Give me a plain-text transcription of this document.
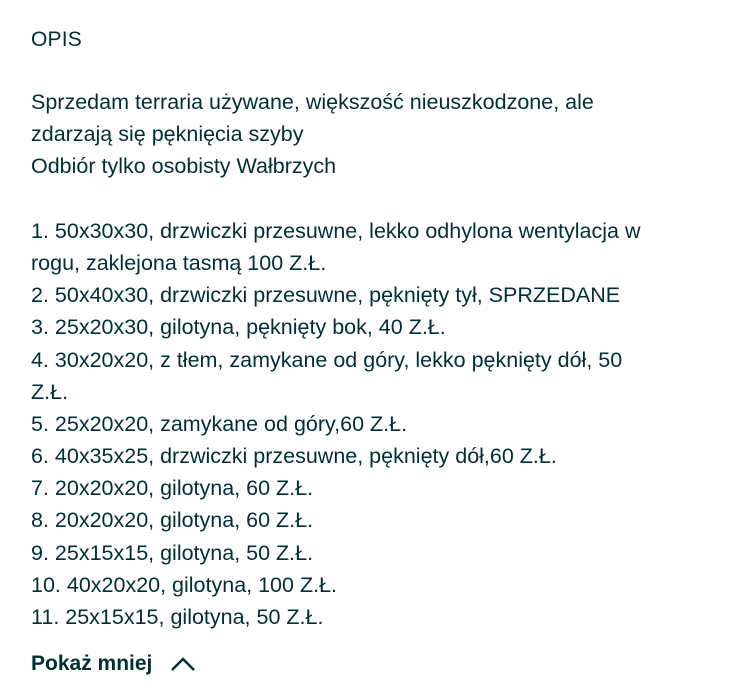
OPIS
Sprzedam terraria używane, większość nieuszkodzone, ale
zdarzają się pęknięcia szyby
Odbiór tylko osobisty Wałbrzych
1. 50x30x30, drzwiczki przesuwne, lekko odhylona wentylacja w
rogu, zaklejona tasmą 100 Z.Ł.
2. 50x40x30, drzwiczki przesuwne, pęknięty tył, SPRZEDANE
3. 25x20x30, gilotyna, pęknięty bok, 40 Z.Ł.
4. 30x20x20, z tłem, zamykane od góry, lekko pęknięty dół, 50
Z.Ł.
5. 25x20x20, zamykane od góry,60 Z.Ł.
6. 40x35x25, drzwiczki przesuwne, pęknięty dół,60 Z.Ł.
7. 20x20x20, gilotyna, 60 Z.Ł.
8. 20x20x20, gilotyna, 60 Z.Ł.
9. 25x15x15, gilotyna, 50 Z.Ł.
10. 40x20x20, gilotyna, 100 Z.Ł.
11. 25x15x15, gilotyna, 50 Z.Ł.
Pokaż mniej
